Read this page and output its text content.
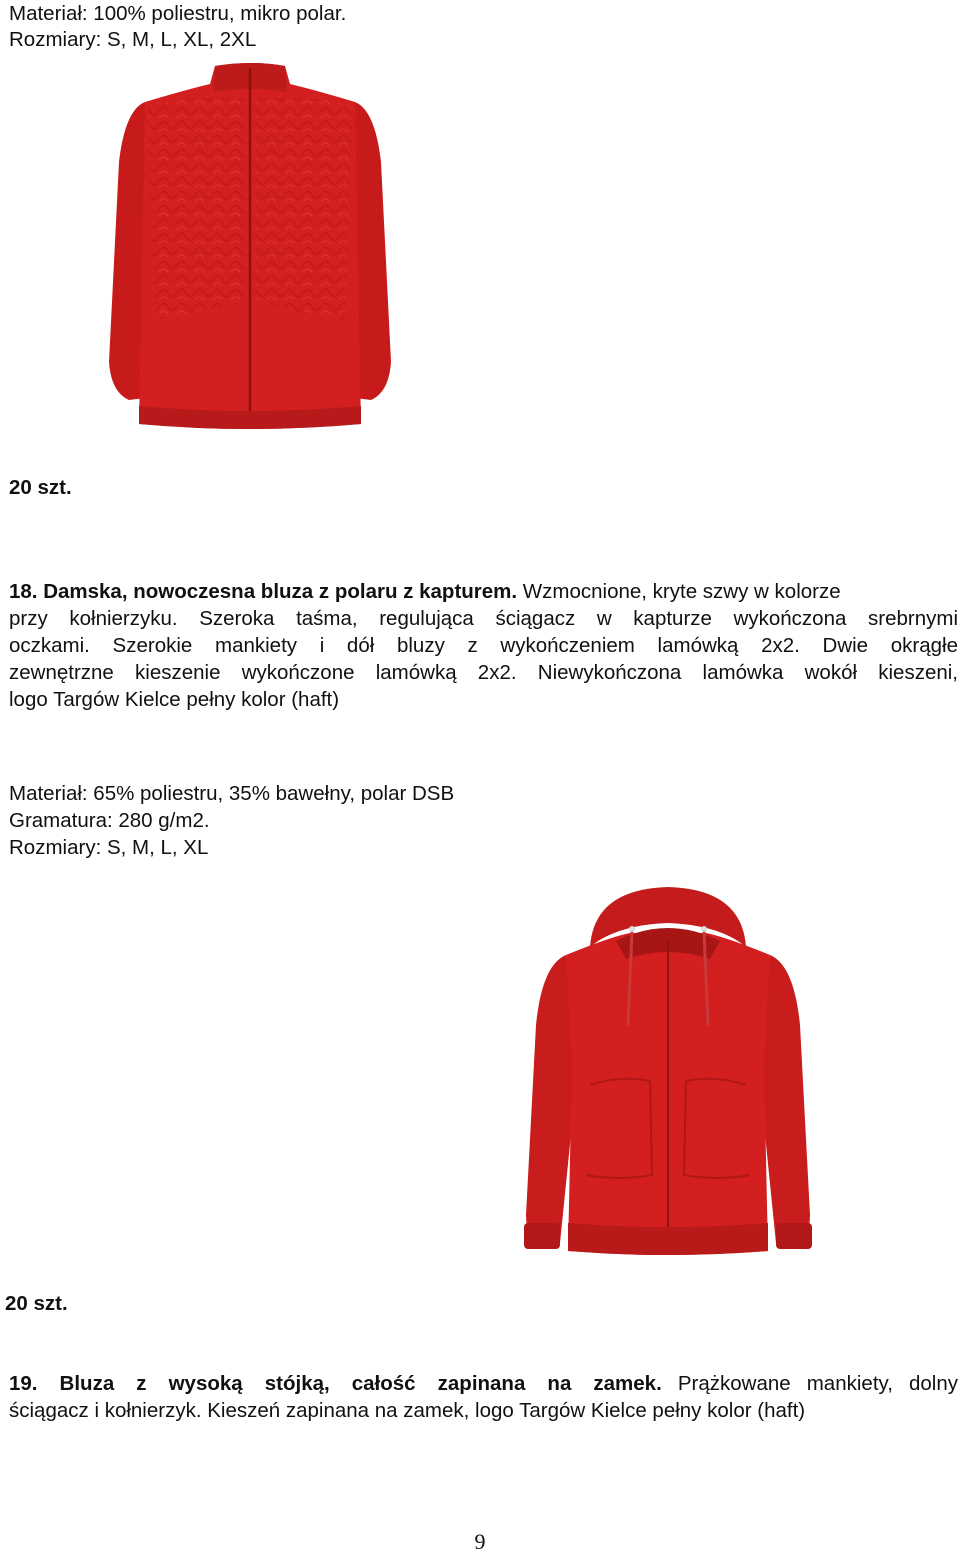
Materiał: 100% poliestru, mikro polar.
Rozmiary: S, M, L, XL, 2XL
20 szt.
18. Damska, nowoczesna bluza z polaru z kapturem. Wzmocnione, kryte szwy w kolorze
przy kołnierzyku. Szeroka taśma, regulująca ściągacz w kapturze wykończona srebrnymi
oczkami. Szerokie mankiety i dół bluzy z wykończeniem lamówką 2x2. Dwie okrągłe
zewnętrzne kieszenie wykończone lamówką 2x2. Niewykończona lamówka wokół kieszeni,
logo Targów Kielce pełny kolor (haft)
Materiał: 65% poliestru, 35% bawełny, polar DSB
Gramatura: 280 g/m2.
Rozmiary: S, M, L, XL
20 szt.
19. Bluza z wysoką stójką, całość zapinana na zamek. Prążkowane mankiety, dolny
ściągacz i kołnierzyk. Kieszeń zapinana na zamek, logo Targów Kielce pełny kolor (haft)
9
